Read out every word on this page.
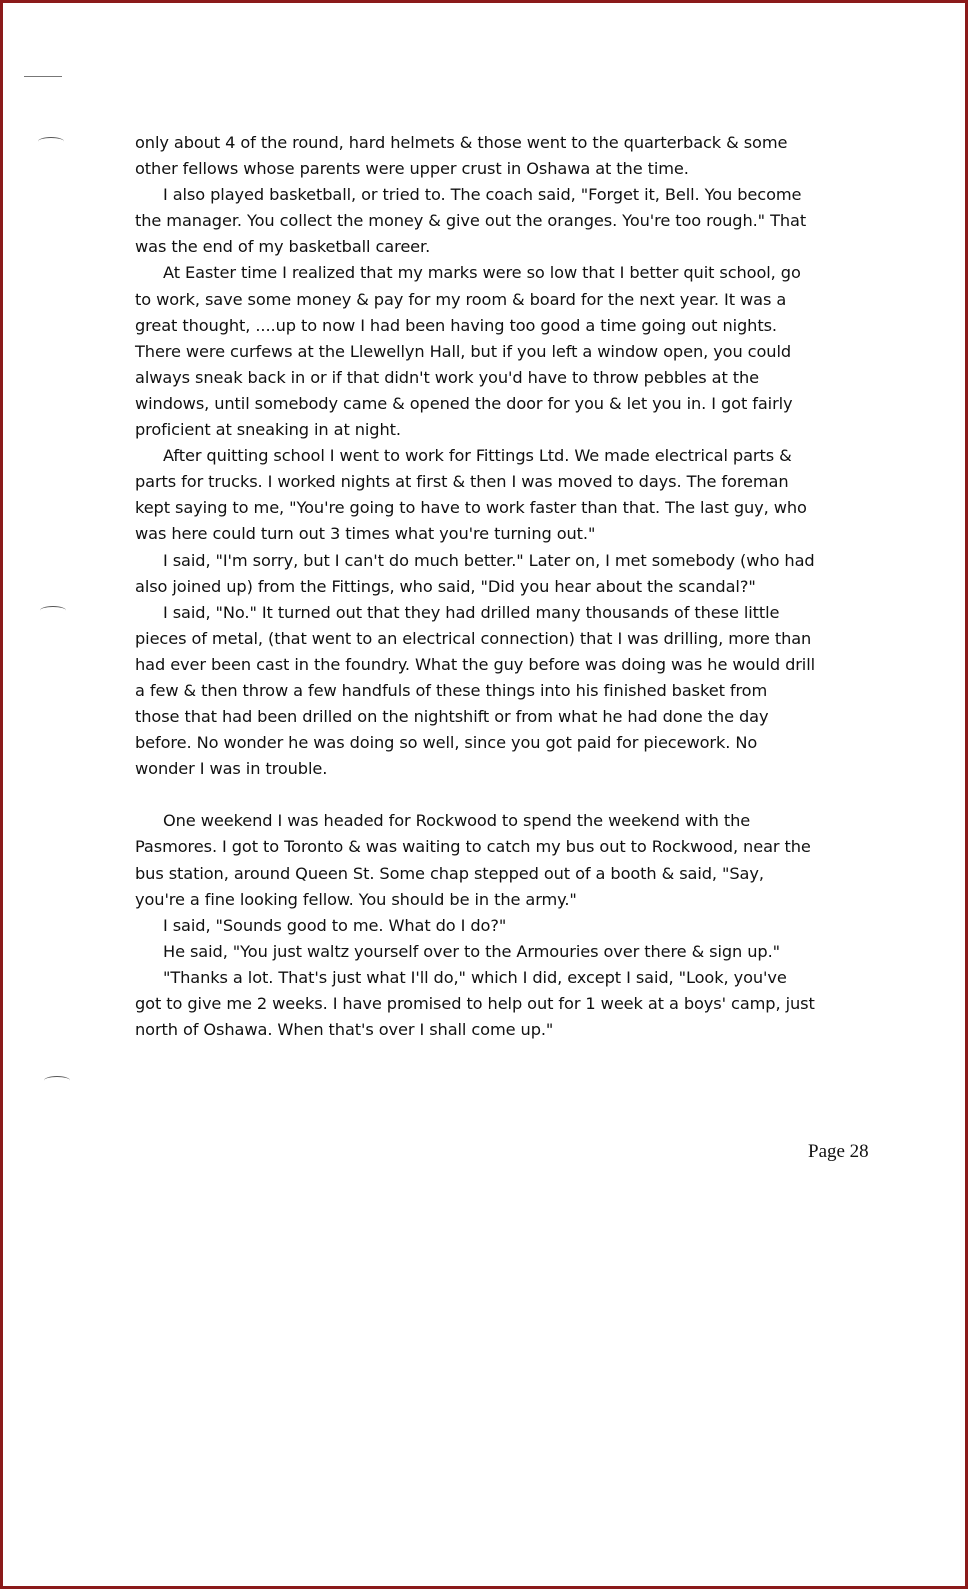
only about 4 of the round, hard helmets & those went to the quarterback & some other fellows whose parents were upper crust in Oshawa at the time.

I also played basketball, or tried to. The coach said, "Forget it, Bell. You become the manager. You collect the money & give out the oranges. You're too rough." That was the end of my basketball career.

At Easter time I realized that my marks were so low that I better quit school, go to work, save some money & pay for my room & board for the next year. It was a great thought, ....up to now I had been having too good a time going out nights. There were curfews at the Llewellyn Hall, but if you left a window open, you could always sneak back in or if that didn't work you'd have to throw pebbles at the windows, until somebody came & opened the door for you & let you in. I got fairly proficient at sneaking in at night.

After quitting school I went to work for Fittings Ltd. We made electrical parts & parts for trucks. I worked nights at first & then I was moved to days. The foreman kept saying to me, "You're going to have to work faster than that. The last guy, who was here could turn out 3 times what you're turning out."

I said, "I'm sorry, but I can't do much better." Later on, I met somebody (who had also joined up) from the Fittings, who said, "Did you hear about the scandal?"

I said, "No." It turned out that they had drilled many thousands of these little pieces of metal, (that went to an electrical connection) that I was drilling, more than had ever been cast in the foundry. What the guy before was doing was he would drill a few & then throw a few handfuls of these things into his finished basket from those that had been drilled on the nightshift or from what he had done the day before. No wonder he was doing so well, since you got paid for piecework. No wonder I was in trouble.

One weekend I was headed for Rockwood to spend the weekend with the Pasmores. I got to Toronto & was waiting to catch my bus out to Rockwood, near the bus station, around Queen St. Some chap stepped out of a booth & said, "Say, you're a fine looking fellow. You should be in the army."

I said, "Sounds good to me. What do I do?"

He said, "You just waltz yourself over to the Armouries over there & sign up."

"Thanks a lot. That's just what I'll do," which I did, except I said, "Look, you've got to give me 2 weeks. I have promised to help out for 1 week at a boys' camp, just north of Oshawa. When that's over I shall come up."

Page 28
